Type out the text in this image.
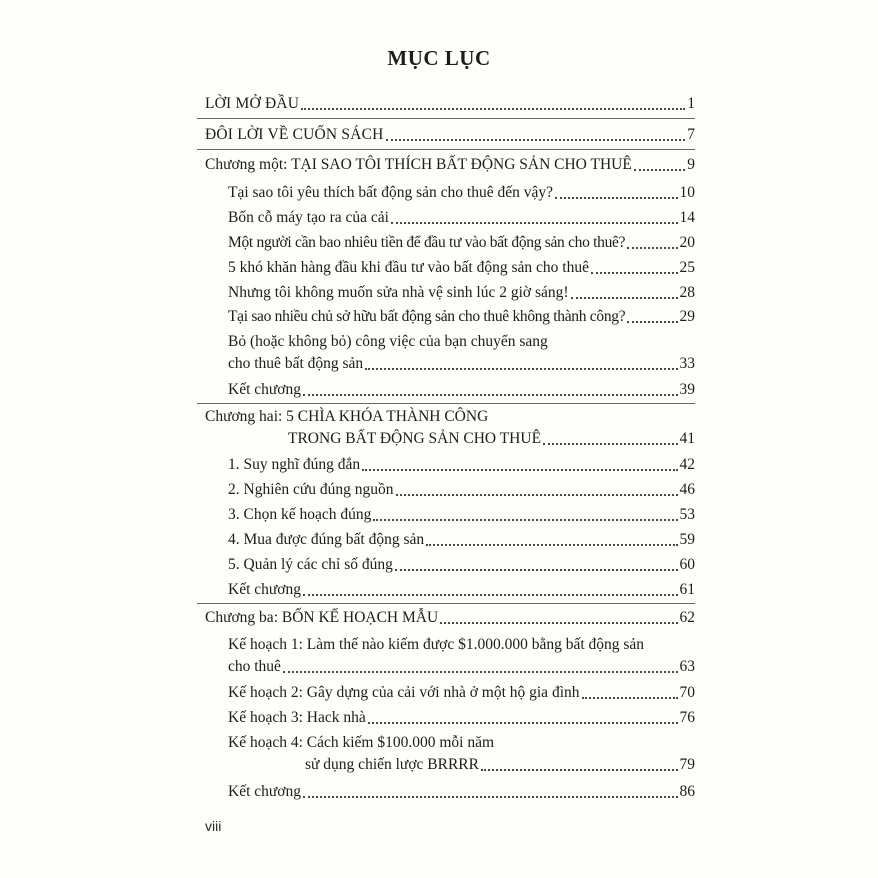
MỤC LỤC
LỜI MỞ ĐẦU	1
ĐÔI LỜI VỀ CUỐN SÁCH	7
Chương một: TẠI SAO TÔI THÍCH BẤT ĐỘNG SẢN CHO THUÊ	9
Tại sao tôi yêu thích bất động sản cho thuê đến vậy?	10
Bốn cỗ máy tạo ra của cải	14
Một người cần bao nhiêu tiền để đầu tư vào bất động sản cho thuê?	20
5 khó khăn hàng đầu khi đầu tư vào bất động sản cho thuê	25
Nhưng tôi không muốn sửa nhà vệ sinh lúc 2 giờ sáng!	28
Tại sao nhiều chủ sở hữu bất động sản cho thuê không thành công?	29
Bỏ (hoặc không bỏ) công việc của bạn chuyển sang
cho thuê bất động sản	33
Kết chương	39
Chương hai: 5 CHÌA KHÓA THÀNH CÔNG
TRONG BẤT ĐỘNG SẢN CHO THUÊ	41
1. Suy nghĩ đúng đắn	42
2. Nghiên cứu đúng nguồn	46
3. Chọn kế hoạch đúng	53
4. Mua được đúng bất động sản	59
5. Quản lý các chỉ số đúng	60
Kết chương	61
Chương ba: BỐN KẾ HOẠCH MẪU	62
Kế hoạch 1: Làm thế nào kiếm được $1.000.000 bằng bất động sản
cho thuê	63
Kế hoạch 2: Gây dựng của cải với nhà ở một hộ gia đình	70
Kế hoạch 3: Hack nhà	76
Kế hoạch 4: Cách kiếm $100.000 mỗi năm
sử dụng chiến lược BRRRR	79
Kết chương	86
viii
